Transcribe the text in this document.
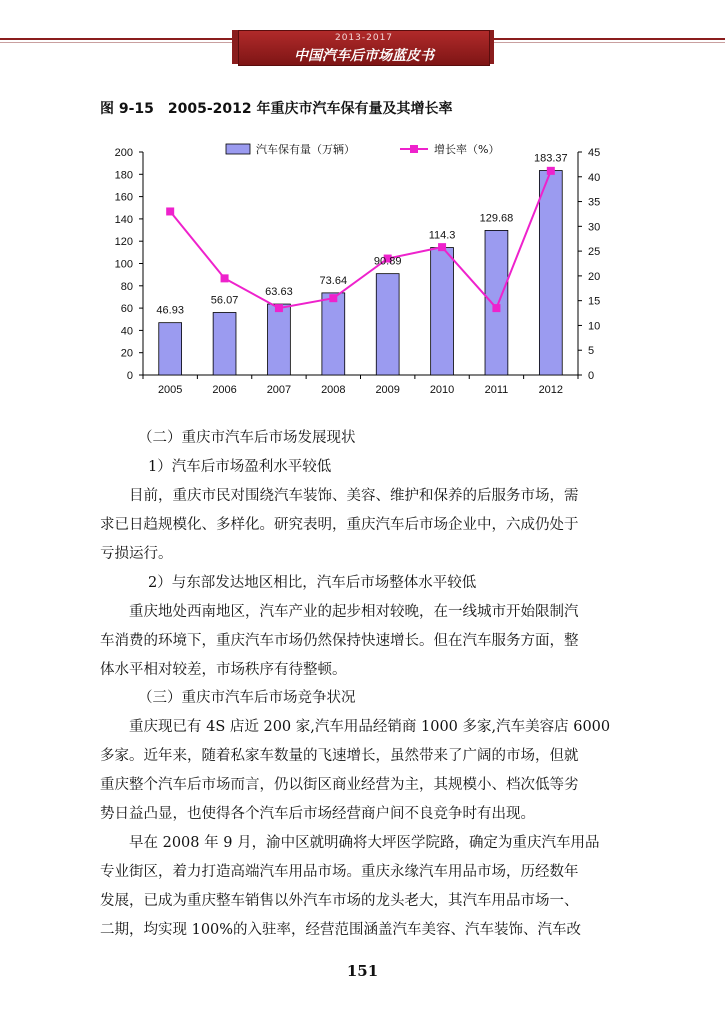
2013-2017
中国汽车后市场蓝皮书
图 9-15　2005-2012 年重庆市汽车保有量及其增长率
0
20
40
60
80
100
120
140
160
180
200
0
5
10
15
20
25
30
35
40
45
2005	2006	2007	2008	2009	2010	2011	2012
46.93
56.07
63.63
73.64
90.89
114.3
129.68
183.37
汽车保有量（万辆）	增长率（%）
（二）重庆市汽车后市场发展现状
1）汽车后市场盈利水平较低
目前，重庆市民对围绕汽车装饰、美容、维护和保养的后服务市场，需
求已日趋规模化、多样化。研究表明，重庆汽车后市场企业中，六成仍处于
亏损运行。
2）与东部发达地区相比，汽车后市场整体水平较低
重庆地处西南地区，汽车产业的起步相对较晚，在一线城市开始限制汽
车消费的环境下，重庆汽车市场仍然保持快速增长。但在汽车服务方面，整
体水平相对较差，市场秩序有待整顿。
（三）重庆市汽车后市场竞争状况
重庆现已有 4S 店近 200 家,汽车用品经销商 1000 多家,汽车美容店 6000
多家。近年来，随着私家车数量的飞速增长，虽然带来了广阔的市场，但就
重庆整个汽车后市场而言，仍以街区商业经营为主，其规模小、档次低等劣
势日益凸显，也使得各个汽车后市场经营商户间不良竞争时有出现。
早在 2008 年 9 月，渝中区就明确将大坪医学院路，确定为重庆汽车用品
专业街区，着力打造高端汽车用品市场。重庆永缘汽车用品市场，历经数年
发展，已成为重庆整车销售以外汽车市场的龙头老大，其汽车用品市场一、
二期，均实现 100%的入驻率，经营范围涵盖汽车美容、汽车装饰、汽车改
151
